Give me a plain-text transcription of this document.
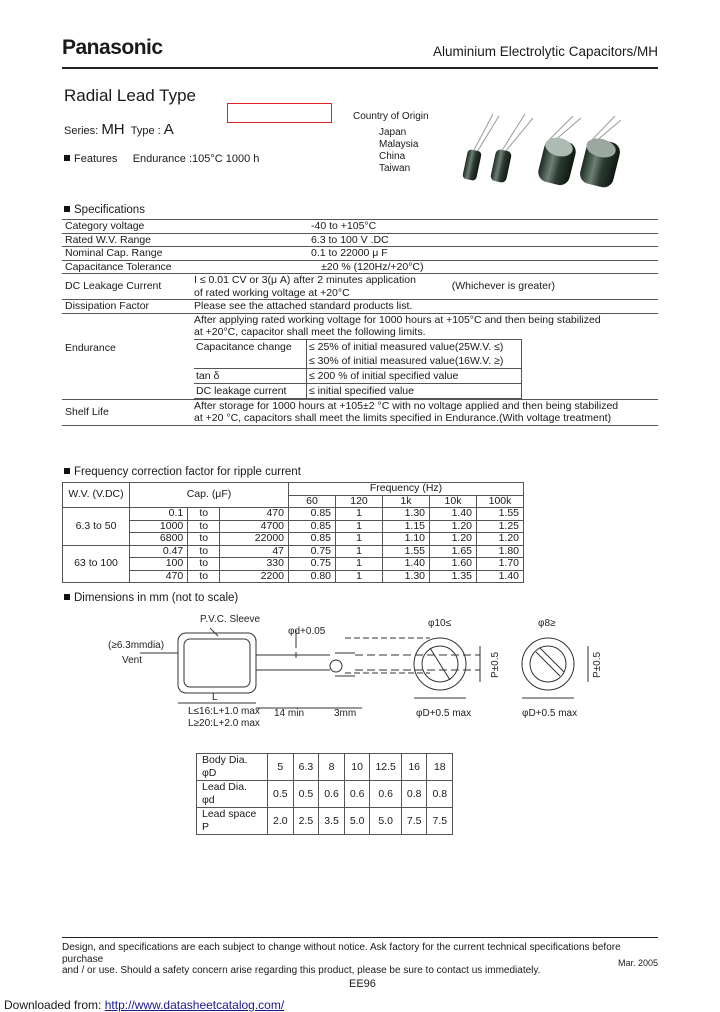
Panasonic	Aluminium Electrolytic Capacitors/MH
Radial Lead Type
Series: MH Type : A
Country of Origin
Japan
Malaysia
China
Taiwan
Features Endurance :105°C 1000 h
Specifications
Category voltage	-40 to +105°C
Rated W.V. Range	6.3 to 100 V .DC
Nominal Cap. Range	0.1 to 22000 μ F
Capacitance Tolerance	±20 % (120Hz/+20°C)
DC Leakage Current	I ≤ 0.01 CV or 3(μ A) after 2 minutes application
of rated working voltage at +20°C
(Whichever is greater)

Dissipation Factor	Please see the attached standard products list.
Endurance	
After applying rated working voltage for 1000 hours at +105°C and then being stabilized
at +20°C, capacitor shall meet the following limits.
Capacitance change	≤ 25% of initial measured value(25W.V. ≤)
	≤ 30% of initial measured value(16W.V. ≥)
tan δ	≤ 200 % of initial specified value
DC leakage current	≤ initial specified value

Shelf Life	After storage for 1000 hours at +105±2 °C with no voltage applied and then being stabilized
at +20 °C, capacitors shall meet the limits specified in Endurance.(With voltage treatment)
Frequency correction factor for ripple current
W.V. (V.DC)	Cap. (μF)			Frequency (Hz)				
				60	120	1k	10k	100k
6.3 to 50	0.1	to	470	0.85	1	1.30	1.40	1.55
	1000	to	4700	0.85	1	1.15	1.20	1.25
	6800	to	22000	0.85	1	1.10	1.20	1.20
63 to 100	0.47	to	47	0.75	1	1.55	1.65	1.80
	100	to	330	0.75	1	1.40	1.60	1.70
	470	to	2200	0.80	1	1.30	1.35	1.40
Dimensions in mm (not to scale)
P.V.C. Sleeve
φd+0.05
(≥6.3mmdia)
Vent
L
L≤16:L+1.0 max
L≥20:L+2.0 max
14 min	3mm
φ10≤	φ8≥
φD+0.5 max	φD+0.5 max
P±0.5	P±0.5
Body Dia. φD	5	6.3	8	10	12.5	16	18
Lead Dia. φd	0.5	0.5	0.6	0.6	0.6	0.8	0.8
Lead space P	2.0	2.5	3.5	5.0	5.0	7.5	7.5
Design, and specifications are each subject to change without notice. Ask factory for the current technical specifications before purchase
and / or use. Should a safety concern arise regarding this product, please be sure to contact us immediately.
Mar. 2005
EE96
Downloaded from: http://www.datasheetcatalog.com/
